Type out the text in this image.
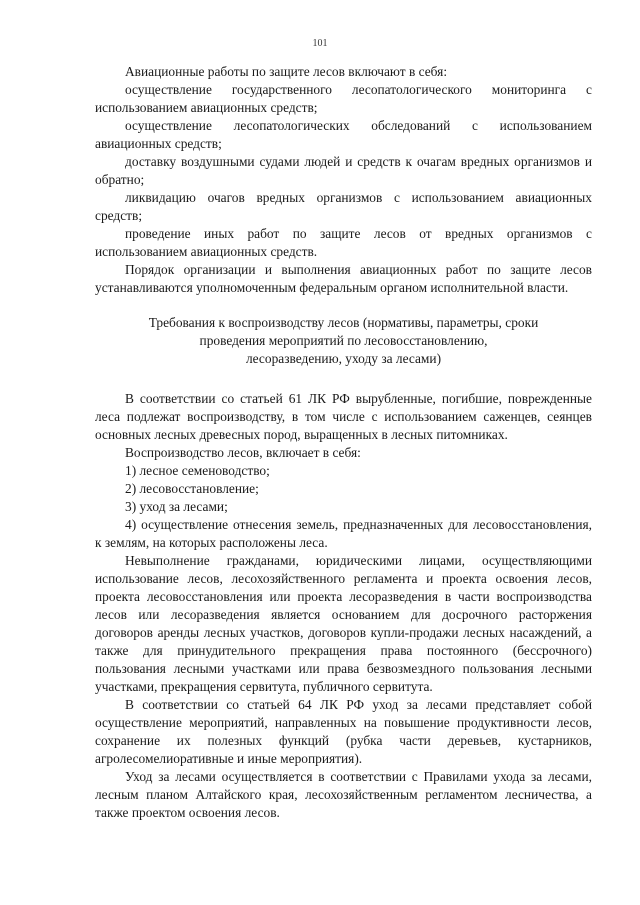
101

Авиационные работы по защите лесов включают в себя:

осуществление государственного лесопатологического мониторинга с использованием авиационных средств;

осуществление лесопатологических обследований с использованием авиационных средств;

доставку воздушными судами людей и средств к очагам вредных организмов и обратно;

ликвидацию очагов вредных организмов с использованием авиационных средств;

проведение иных работ по защите лесов от вредных организмов с использованием авиационных средств.

Порядок организации и выполнения авиационных работ по защите лесов устанавливаются уполномоченным федеральным органом исполнительной власти.

Требования к воспроизводству лесов (нормативы, параметры, сроки
проведения мероприятий по лесовосстановлению,
лесоразведению, уходу за лесами)

В соответствии со статьей 61 ЛК РФ вырубленные, погибшие, поврежденные леса подлежат воспроизводству, в том числе с использованием саженцев, сеянцев основных лесных древесных пород, выращенных в лесных питомниках.

Воспроизводство лесов, включает в себя:

1) лесное семеноводство;

2) лесовосстановление;

3) уход за лесами;

4) осуществление отнесения земель, предназначенных для лесовосстановления, к землям, на которых расположены леса.

Невыполнение гражданами, юридическими лицами, осуществляющими использование лесов, лесохозяйственного регламента и проекта освоения лесов, проекта лесовосстановления или проекта лесоразведения в части воспроизводства лесов или лесоразведения является основанием для досрочного расторжения договоров аренды лесных участков, договоров купли-продажи лесных насаждений, а также для принудительного прекращения права постоянного (бессрочного) пользования лесными участками или права безвозмездного пользования лесными участками, прекращения сервитута, публичного сервитута.

В соответствии со статьей 64 ЛК РФ уход за лесами представляет собой осуществление мероприятий, направленных на повышение продуктивности лесов, сохранение их полезных функций (рубка части деревьев, кустарников, агролесомелиоративные и иные мероприятия).

Уход за лесами осуществляется в соответствии с Правилами ухода за лесами, лесным планом Алтайского края, лесохозяйственным регламентом лесничества, а также проектом освоения лесов.
